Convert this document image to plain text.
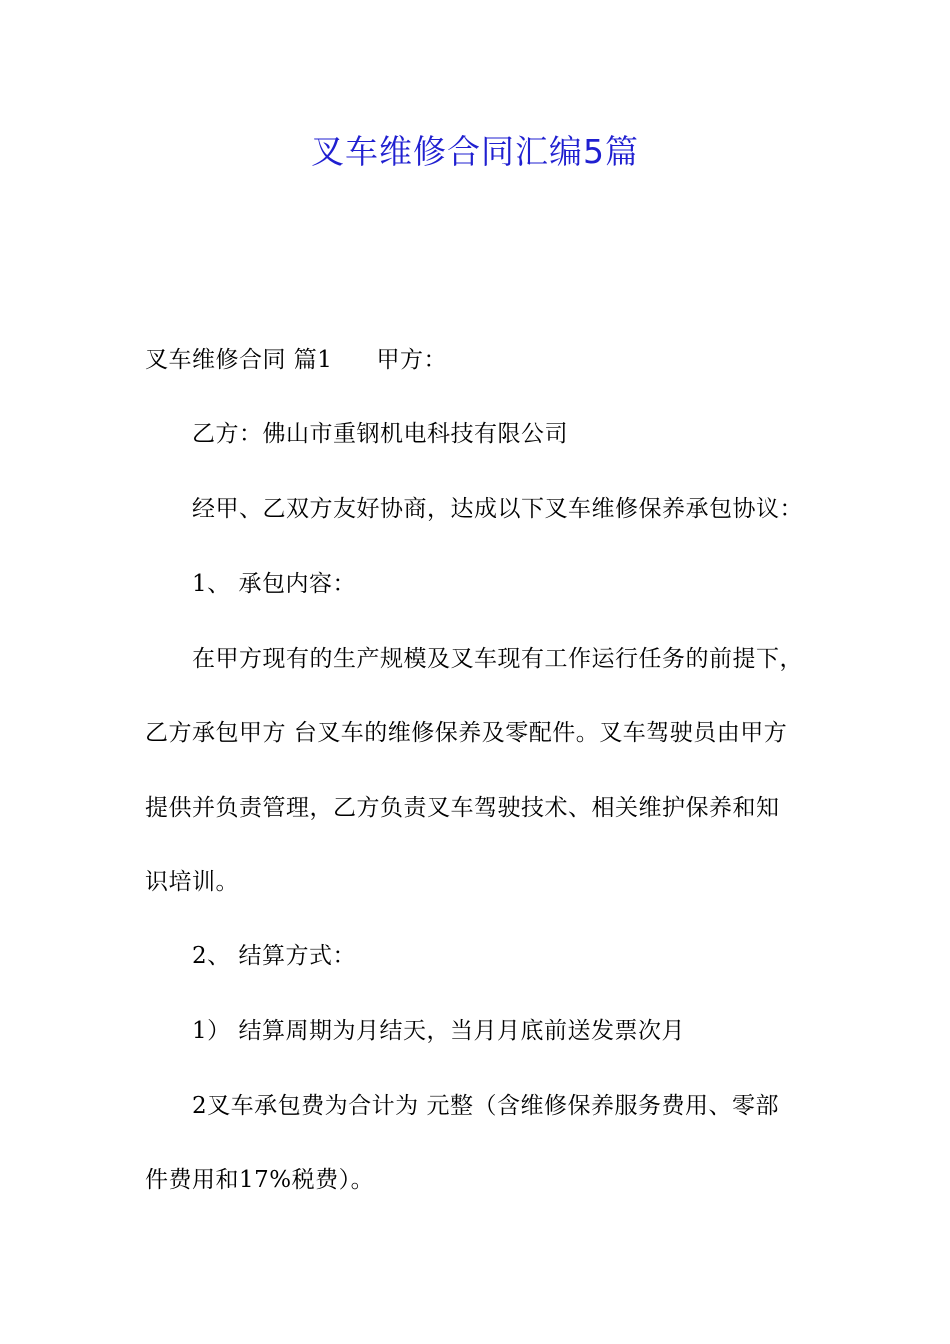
叉车维修合同汇编5篇
叉车维修合同 篇1 甲方：
乙方：佛山市重钢机电科技有限公司
经甲、乙双方友好协商，达成以下叉车维修保养承包协议：
1、 承包内容：
在甲方现有的生产规模及叉车现有工作运行任务的前提下，
乙方承包甲方 台叉车的维修保养及零配件。叉车驾驶员由甲方
提供并负责管理，乙方负责叉车驾驶技术、相关维护保养和知
识培训。
2、 结算方式：
1） 结算周期为月结天，当月月底前送发票次月
2叉车承包费为合计为 元整（含维修保养服务费用、零部
件费用和17%税费）。
